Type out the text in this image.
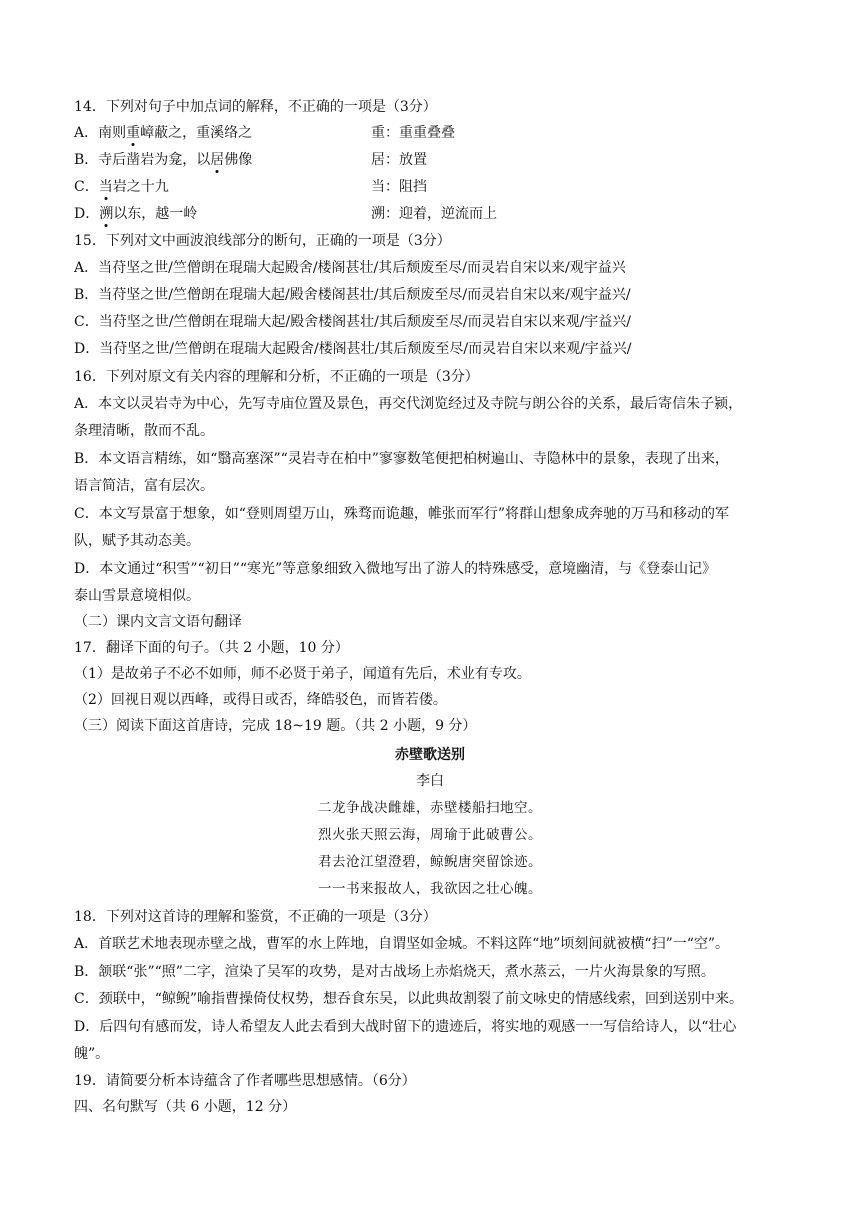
14．下列对句子中加点词的解释，不正确的一项是（3分）
A．南则重嶂蔽之，重溪络之	重：重重叠叠
B．寺后凿岩为龛，以居佛像	居：放置
C．当岩之十九	当：阻挡
D．溯以东，越一岭	溯：迎着，逆流而上
15．下列对文中画波浪线部分的断句，正确的一项是（3分）
A．当苻坚之世/竺僧朗在琨瑞大起殿舍/楼阁甚壮/其后颓废至尽/而灵岩自宋以来/观宇益兴
B．当苻坚之世/竺僧朗在琨瑞大起/殿舍楼阁甚壮/其后颓废至尽/而灵岩自宋以来/观宇益兴/
C．当苻坚之世/竺僧朗在琨瑞大起/殿舍楼阁甚壮/其后颓废至尽/而灵岩自宋以来观/宇益兴/
D．当苻坚之世/竺僧朗在琨瑞大起殿舍/楼阁甚壮/其后颓废至尽/而灵岩自宋以来观/宇益兴/
16．下列对原文有关内容的理解和分析，不正确的一项是（3分）
A．本文以灵岩寺为中心，先写寺庙位置及景色，再交代浏览经过及寺院与朗公谷的关系，最后寄信朱子颍，
条理清晰，散而不乱。
B．本文语言精练，如“翳高塞深”“灵岩寺在柏中”寥寥数笔便把柏树遍山、寺隐林中的景象，表现了出来，
语言简洁，富有层次。
C．本文写景富于想象，如“登则周望万山，殊骛而诡趣，帷张而军行”将群山想象成奔驰的万马和移动的军
队，赋予其动态美。
D．本文通过“积雪”“初日”“寒光”等意象细致入微地写出了游人的特殊感受，意境幽清，与《登泰山记》
泰山雪景意境相似。
（二）课内文言文语句翻译
17．翻译下面的句子。（共 2 小题，10 分）
（1）是故弟子不必不如师，师不必贤于弟子，闻道有先后，术业有专攻。
（2）回视日观以西峰，或得日或否，绛皓驳色，而皆若偻。
（三）阅读下面这首唐诗，完成 18~19 题。（共 2 小题，9 分）
赤壁歌送别
李白
二龙争战决雌雄，赤壁楼船扫地空。
烈火张天照云海，周瑜于此破曹公。
君去沧江望澄碧，鲸鲵唐突留馀迹。
一一书来报故人，我欲因之壮心魄。
18．下列对这首诗的理解和鉴赏，不正确的一项是（3分）
A．首联艺术地表现赤壁之战，曹军的水上阵地，自谓坚如金城。不料这阵“地”顷刻间就被横“扫”一“空”。
B．颔联“张”“照”二字，渲染了吴军的攻势，是对古战场上赤焰烧天，煮水蒸云，一片火海景象的写照。
C．颈联中，“鲸鲵”喻指曹操倚仗权势，想吞食东吴，以此典故割裂了前文咏史的情感线索，回到送别中来。
D．后四句有感而发，诗人希望友人此去看到大战时留下的遗迹后，将实地的观感一一写信给诗人，以“壮心
魄”。
19．请简要分析本诗蕴含了作者哪些思想感情。（6分）
四、名句默写（共 6 小题，12 分）
